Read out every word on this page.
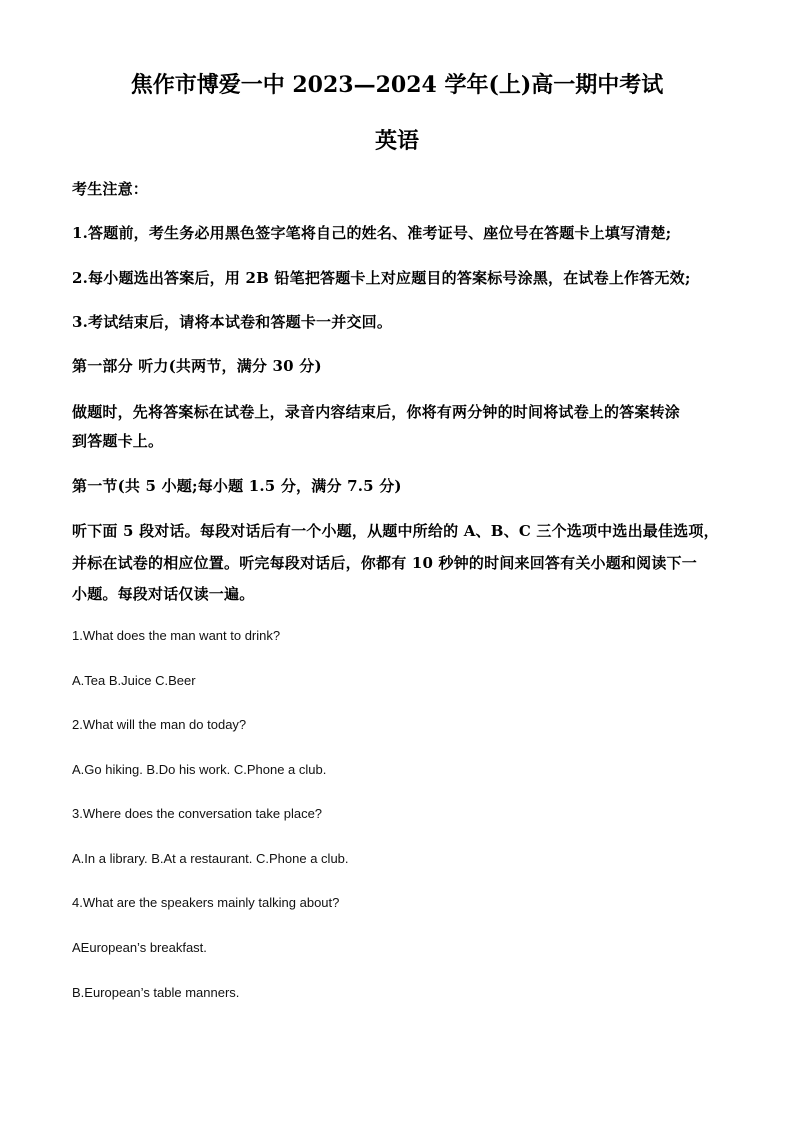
焦作市博爱一中 2023—2024 学年(上)高一期中考试
英语
考生注意：
1.答题前，考生务必用黑色签字笔将自己的姓名、准考证号、座位号在答题卡上填写清楚;
2.每小题选出答案后，用 2B 铅笔把答题卡上对应题目的答案标号涂黑，在试卷上作答无效;
3.考试结束后，请将本试卷和答题卡一并交回。
第一部分 听力(共两节，满分 30 分)
做题时，先将答案标在试卷上，录音内容结束后，你将有两分钟的时间将试卷上的答案转涂
到答题卡上。
第一节(共 5 小题;每小题 1.5 分，满分 7.5 分)
听下面 5 段对话。每段对话后有一个小题，从题中所给的 A、B、C 三个选项中选出最佳选项，
并标在试卷的相应位置。听完每段对话后，你都有 10 秒钟的时间来回答有关小题和阅读下一
小题。每段对话仅读一遍。
1.What does the man want to drink?
A.Tea B.Juice C.Beer
2.What will the man do today?
A.Go hiking. B.Do his work. C.Phone a club.
3.Where does the conversation take place?
A.In a library. B.At a restaurant. C.Phone a club.
4.What are the speakers mainly talking about?
AEuropean’s breakfast.
B.European’s table manners.
